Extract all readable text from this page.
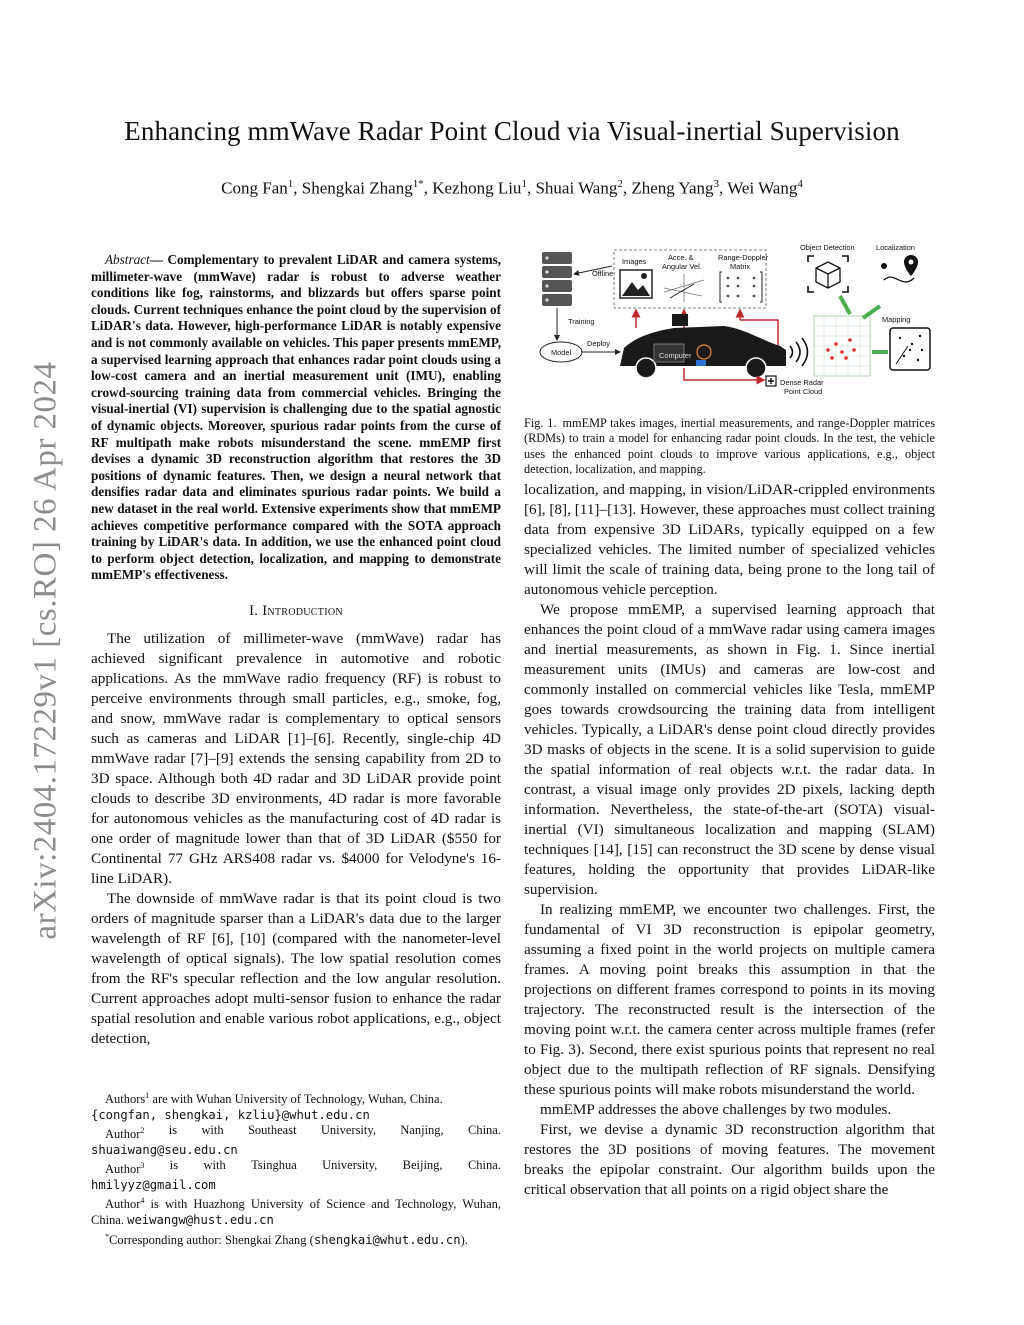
arXiv:2404.17229v1 [cs.RO] 26 Apr 2024
Enhancing mmWave Radar Point Cloud via Visual-inertial Supervision
Cong Fan$^1$, Shengkai Zhang$^{1*}$, Kezhong Liu$^1$, Shuai Wang$^2$, Zheng Yang$^3$, Wei Wang$^4$

Abstract— Complementary to prevalent LiDAR and camera systems, millimeter-wave (mmWave) radar is robust to adverse weather conditions like fog, rainstorms, and blizzards but offers sparse point clouds. Current techniques enhance the point cloud by the supervision of LiDAR's data. However, high-performance LiDAR is notably expensive and is not commonly available on vehicles. This paper presents mmEMP, a supervised learning approach that enhances radar point clouds using a low-cost camera and an inertial measurement unit (IMU), enabling crowd-sourcing training data from commercial vehicles. Bringing the visual-inertial (VI) supervision is challenging due to the spatial agnostic of dynamic objects. Moreover, spurious radar points from the curse of RF multipath make robots misunderstand the scene. mmEMP first devises a dynamic 3D reconstruction algorithm that restores the 3D positions of dynamic features. Then, we design a neural network that densifies radar data and eliminates spurious radar points. We build a new dataset in the real world. Extensive experiments show that mmEMP achieves competitive performance compared with the SOTA approach training by LiDAR's data. In addition, we use the enhanced point cloud to perform object detection, localization, and mapping to demonstrate mmEMP's effectiveness.

I. Introduction

The utilization of millimeter-wave (mmWave) radar has achieved significant prevalence in automotive and robotic applications. As the mmWave radio frequency (RF) is robust to perceive environments through small particles, e.g., smoke, fog, and snow, mmWave radar is complementary to optical sensors such as cameras and LiDAR [1]–[6]. Recently, single-chip 4D mmWave radar [7]–[9] extends the sensing capability from 2D to 3D space. Although both 4D radar and 3D LiDAR provide point clouds to describe 3D environments, 4D radar is more favorable for autonomous vehicles as the manufacturing cost of 4D radar is one order of magnitude lower than that of 3D LiDAR ($550 for Continental 77 GHz ARS408 radar vs. $4000 for Velodyne's 16-line LiDAR).

The downside of mmWave radar is that its point cloud is two orders of magnitude sparser than a LiDAR's data due to the larger wavelength of RF [6], [10] (compared with the nanometer-level wavelength of optical signals). The low spatial resolution comes from the RF's specular reflection and the low angular resolution. Current approaches adopt multi-sensor fusion to enhance the radar spatial resolution and enable various robot applications, e.g., object detection,

Authors$^1$ are with Wuhan University of Technology, Wuhan, China.

{congfan, shengkai, kzliu}@whut.edu.cn

Author$^2$ is with Southeast University, Nanjing, China.

shuaiwang@seu.edu.cn

Author$^3$ is with Tsinghua University, Beijing, China.

hmilyyz@gmail.com

Author$^4$ is with Huazhong University of Science and Technology, Wuhan, China. weiwangw@hust.edu.cn

*Corresponding author: Shengkai Zhang (shengkai@whut.edu.cn).

Offline
Training
Model
Deploy
Images	Acce. &
Angular Vel.
Range-Doppler
Matrix
Computer
Dense Radar
Point Cloud
Object Detection	Localization
Mapping
Fig. 1. mmEMP takes images, inertial measurements, and range-Doppler matrices (RDMs) to train a model for enhancing radar point clouds. In the test, the vehicle uses the enhanced point clouds to improve various applications, e.g., object detection, localization, and mapping.

localization, and mapping, in vision/LiDAR-crippled environments [6], [8], [11]–[13]. However, these approaches must collect training data from expensive 3D LiDARs, typically equipped on a few specialized vehicles. The limited number of specialized vehicles will limit the scale of training data, being prone to the long tail of autonomous vehicle perception.

We propose mmEMP, a supervised learning approach that enhances the point cloud of a mmWave radar using camera images and inertial measurements, as shown in Fig. 1. Since inertial measurement units (IMUs) and cameras are low-cost and commonly installed on commercial vehicles like Tesla, mmEMP goes towards crowdsourcing the training data from intelligent vehicles. Typically, a LiDAR's dense point cloud directly provides 3D masks of objects in the scene. It is a solid supervision to guide the spatial information of real objects w.r.t. the radar data. In contrast, a visual image only provides 2D pixels, lacking depth information. Nevertheless, the state-of-the-art (SOTA) visual-inertial (VI) simultaneous localization and mapping (SLAM) techniques [14], [15] can reconstruct the 3D scene by dense visual features, holding the opportunity that provides LiDAR-like supervision.

In realizing mmEMP, we encounter two challenges. First, the fundamental of VI 3D reconstruction is epipolar geometry, assuming a fixed point in the world projects on multiple camera frames. A moving point breaks this assumption in that the projections on different frames correspond to points in its moving trajectory. The reconstructed result is the intersection of the moving point w.r.t. the camera center across multiple frames (refer to Fig. 3). Second, there exist spurious points that represent no real object due to the multipath reflection of RF signals. Densifying these spurious points will make robots misunderstand the world.

mmEMP addresses the above challenges by two modules.

First, we devise a dynamic 3D reconstruction algorithm that restores the 3D positions of moving features. The movement breaks the epipolar constraint. Our algorithm builds upon the critical observation that all points on a rigid object share the
